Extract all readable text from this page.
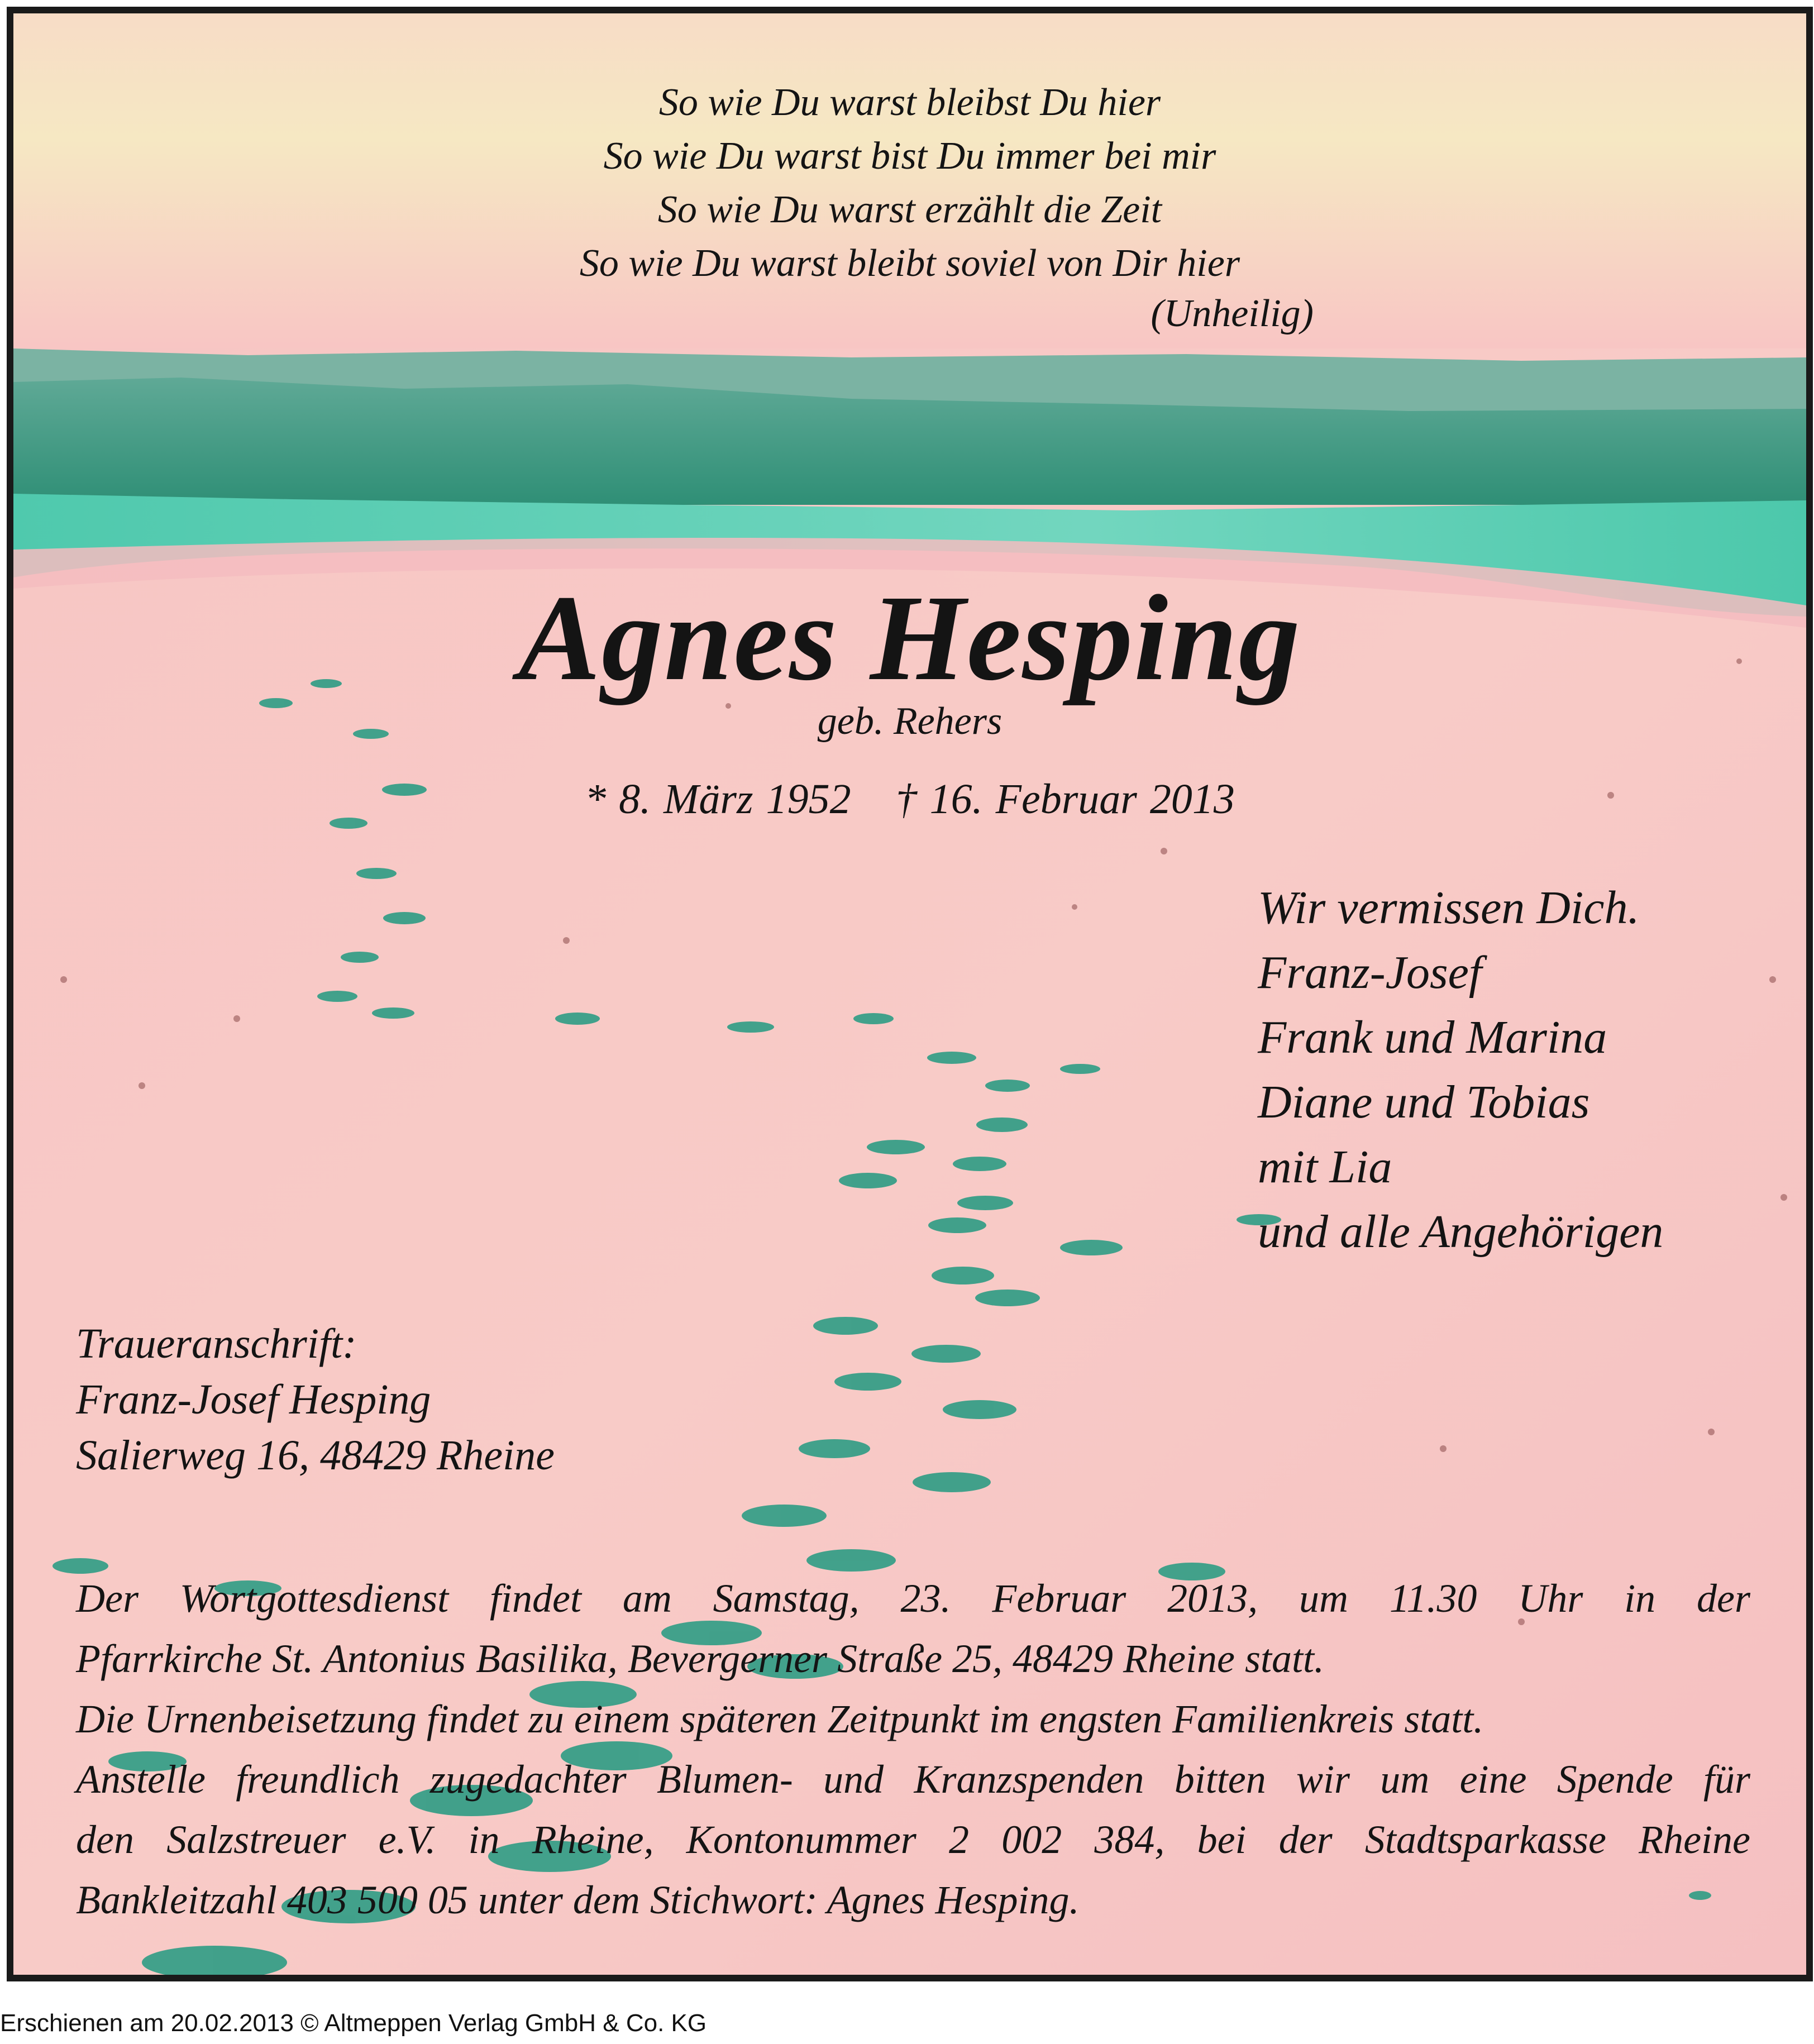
So wie Du warst bleibst Du hier
So wie Du warst bist Du immer bei mir
So wie Du warst erzählt die Zeit
So wie Du warst bleibt soviel von Dir hier
(Unheilig)
Agnes Hesping
geb. Rehers
* 8. März 1952 † 16. Februar 2013
Wir vermissen Dich.
Franz-Josef
Frank und Marina
Diane und Tobias
mit Lia
und alle Angehörigen
Traueranschrift:
Franz-Josef Hesping
Salierweg 16, 48429 Rheine
Der Wortgottesdienst findet am Samstag, 23. Februar 2013, um 11.30 Uhr in der
Pfarrkirche St. Antonius Basilika, Bevergerner Straße 25, 48429 Rheine statt.
Die Urnenbeisetzung findet zu einem späteren Zeitpunkt im engsten Familienkreis statt.
Anstelle freundlich zugedachter Blumen- und Kranzspenden bitten wir um eine Spende für
den Salzstreuer e.V. in Rheine, Kontonummer 2 002 384, bei der Stadtsparkasse Rheine
Bankleitzahl 403 500 05 unter dem Stichwort: Agnes Hesping.
Erschienen am 20.02.2013 © Altmeppen Verlag GmbH & Co. KG
